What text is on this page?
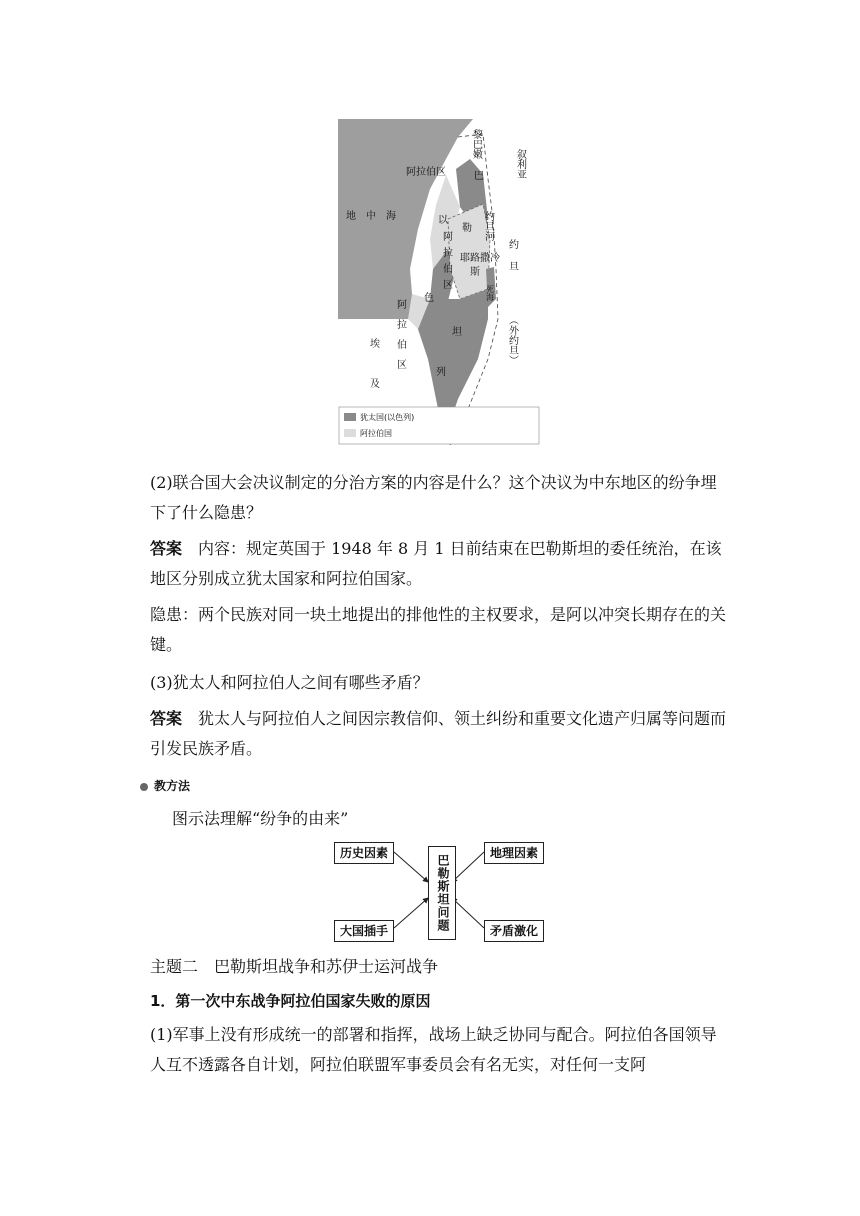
犹太国(以色列)
阿拉伯国
黎巴嫩
叙利亚
阿拉伯区
地中海	约旦河
约旦
（外约旦）
耶路撒冷
死海
埃
及
以
色
列
巴
勒
斯
坦
阿拉伯区
阿拉伯区

(2)联合国大会决议制定的分治方案的内容是什么？这个决议为中东地区的纷争埋下了什么隐患？

答案　 内容：规定英国于 1948 年 8 月 1 日前结束在巴勒斯坦的委任统治，在该地区分别成立犹太国家和阿拉伯国家。

隐患：两个民族对同一块土地提出的排他性的主权要求，是阿以冲突长期存在的关键。

(3)犹太人和阿拉伯人之间有哪些矛盾？

答案　 犹太人与阿拉伯人之间因宗教信仰、领土纠纷和重要文化遗产归属等问题而引发民族矛盾。

教方法

图示法理解“纷争的由来”

历史因素	地理因素
巴勒斯坦问题
大国插手	矛盾激化

主题二　巴勒斯坦战争和苏伊士运河战争

1．第一次中东战争阿拉伯国家失败的原因

(1)军事上没有形成统一的部署和指挥，战场上缺乏协同与配合。阿拉伯各国领导人互不透露各自计划，阿拉伯联盟军事委员会有名无实，对任何一支阿
